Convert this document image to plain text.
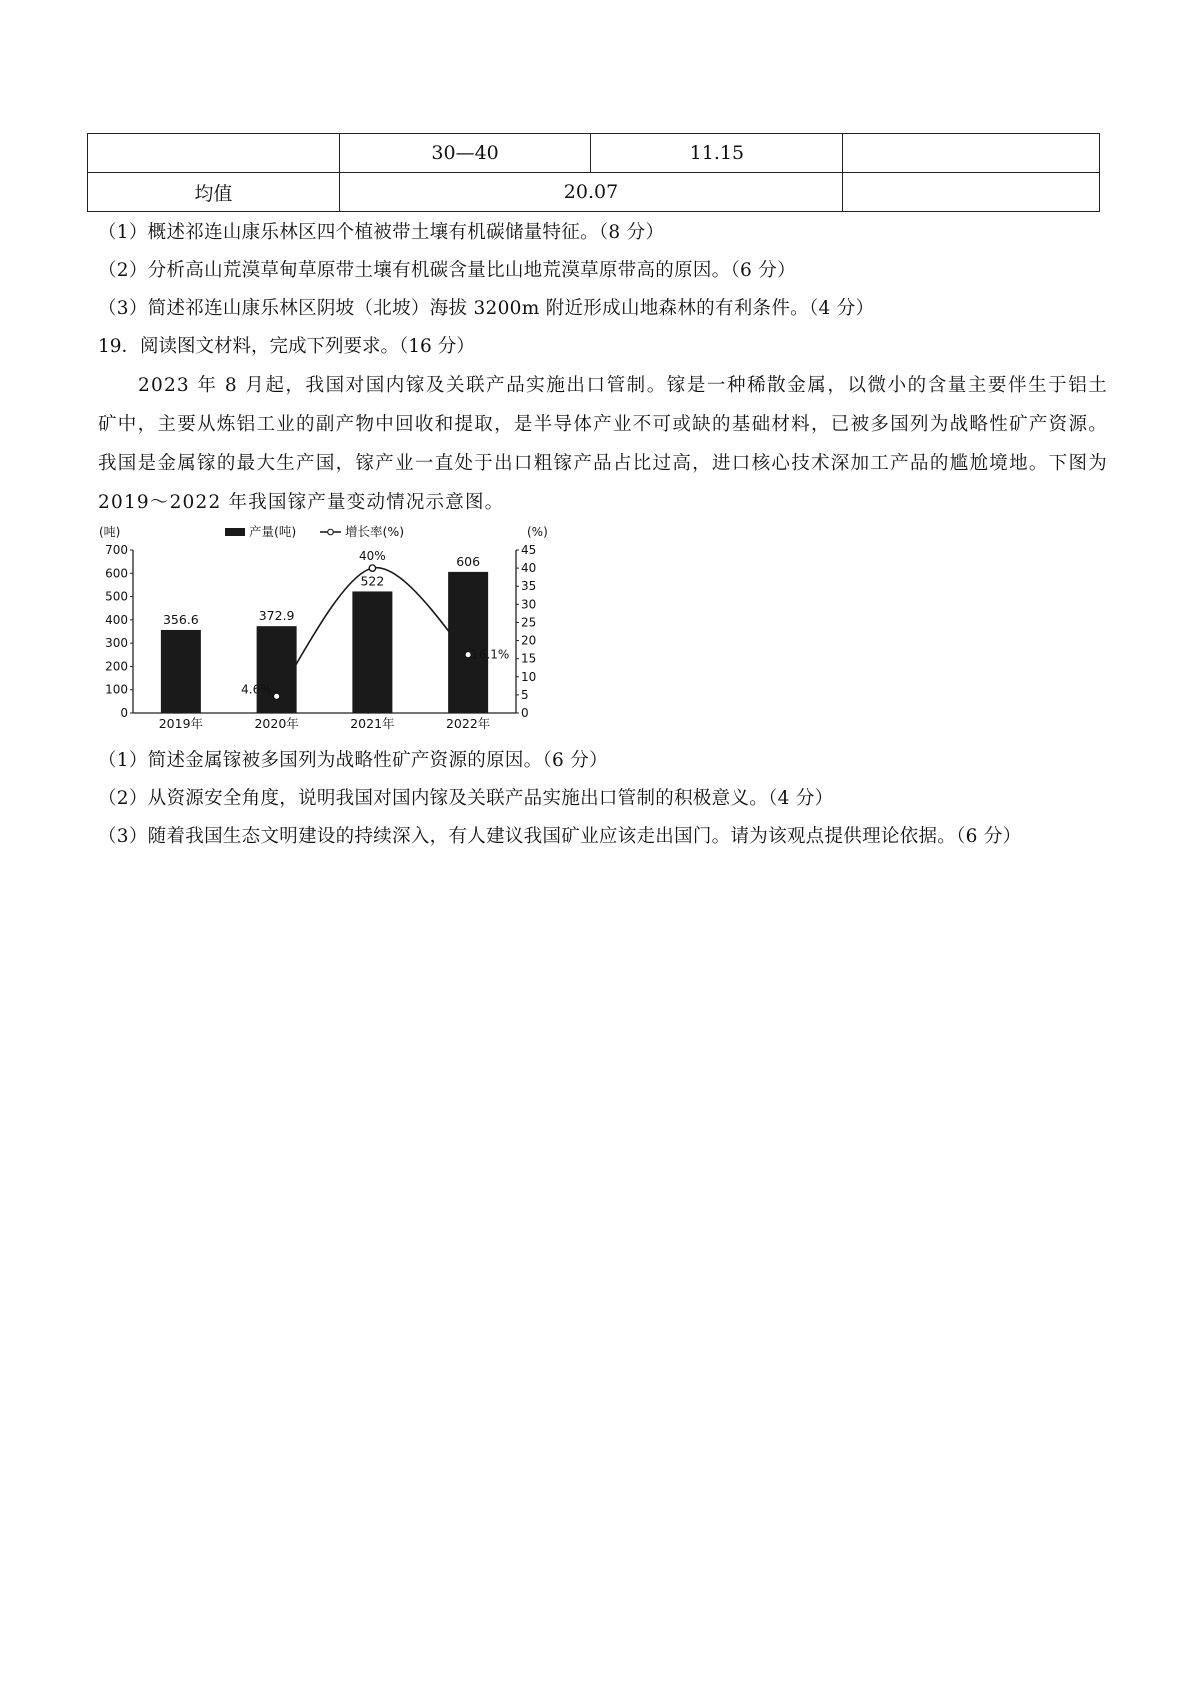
	30—40	11.15	
均值	20.07		
（1）概述祁连山康乐林区四个植被带土壤有机碳储量特征。（8 分）
（2）分析高山荒漠草甸草原带土壤有机碳含量比山地荒漠草原带高的原因。（6 分）
（3）简述祁连山康乐林区阴坡（北坡）海拔 3200m 附近形成山地森林的有利条件。（4 分）
19．阅读图文材料，完成下列要求。（16 分）
2023 年 8 月起，我国对国内镓及关联产品实施出口管制。镓是一种稀散金属，以微小的含量主要伴生于铝土矿中，主要从炼铝工业的副产物中回收和提取，是半导体产业不可或缺的基础材料，已被多国列为战略性矿产资源。我国是金属镓的最大生产国，镓产业一直处于出口粗镓产品占比过高，进口核心技术深加工产品的尴尬境地。下图为 2019～2022 年我国镓产量变动情况示意图。
0
100
200
300
400
500
600
700
0
5
10
15
20
25
30
35
40
45
(吨)	(%)
356.6
2019年
372.9
2020年
522
2021年
606
2022年
4.6%
40%
16.1%
产量(吨)	增长率(%)
（1）简述金属镓被多国列为战略性矿产资源的原因。（6 分）
（2）从资源安全角度，说明我国对国内镓及关联产品实施出口管制的积极意义。（4 分）
（3）随着我国生态文明建设的持续深入，有人建议我国矿业应该走出国门。请为该观点提供理论依据。（6 分）
